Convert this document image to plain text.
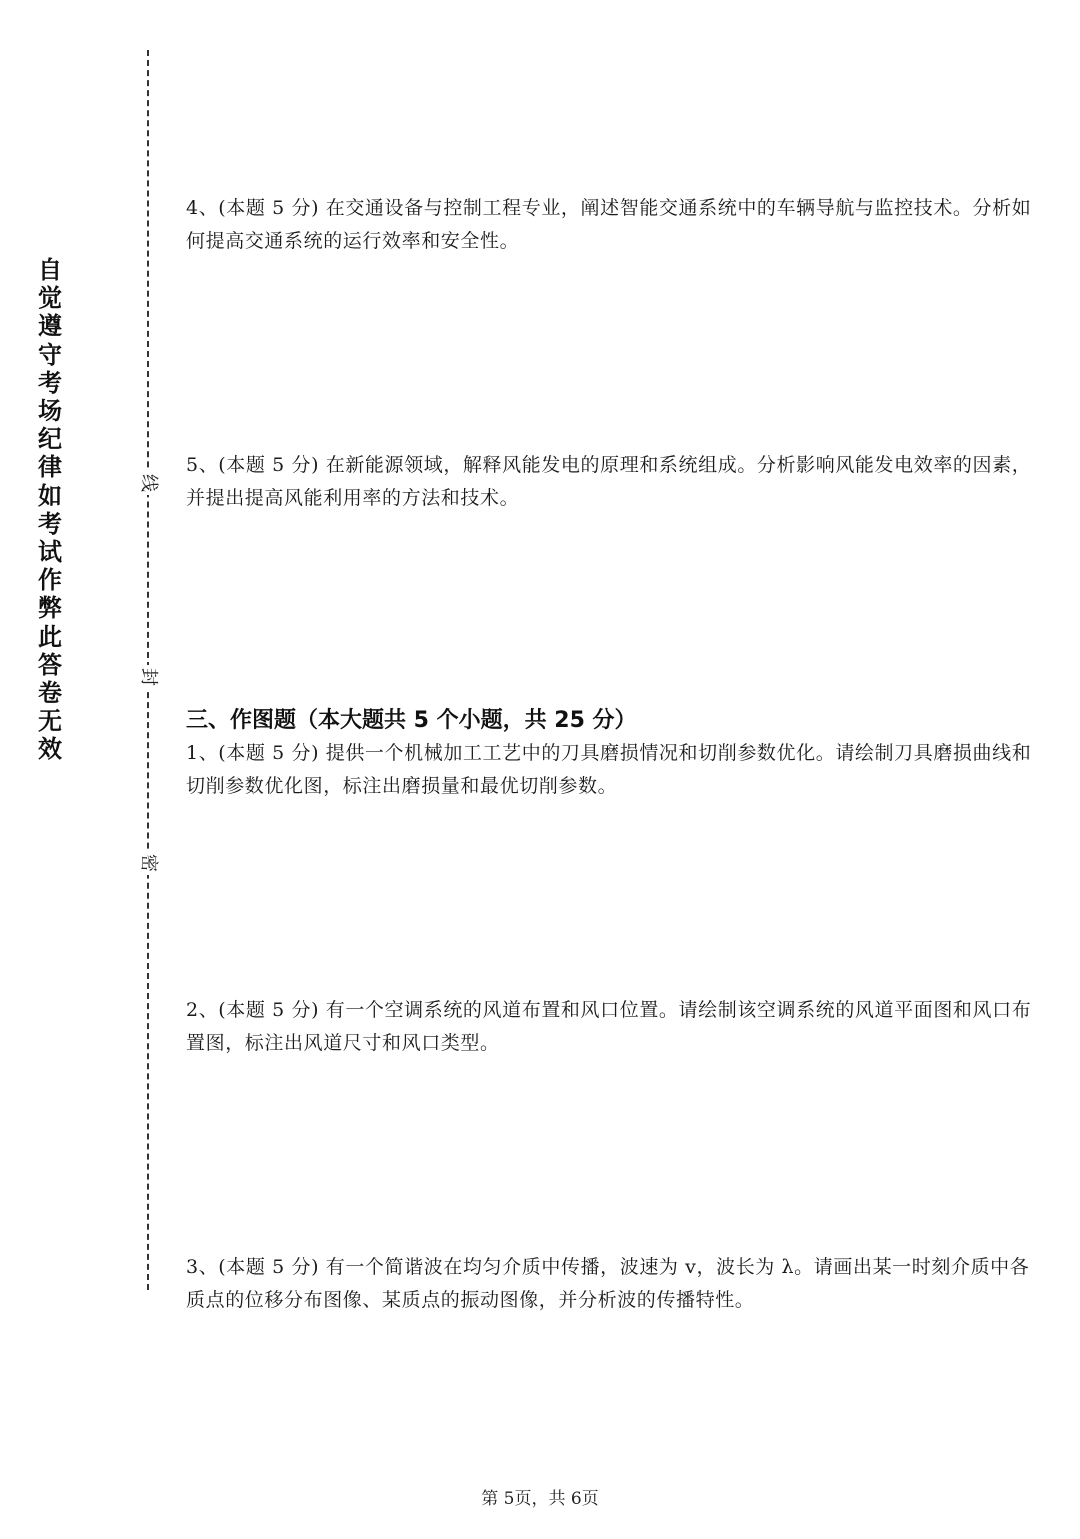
自觉遵守考场纪律如考试作弊此答卷无效
线
封
密
4、(本题 5 分) 在交通设备与控制工程专业，阐述智能交通系统中的车辆导航与监控技术。分析如何提高交通系统的运行效率和安全性。
5、(本题 5 分) 在新能源领域，解释风能发电的原理和系统组成。分析影响风能发电效率的因素，并提出提高风能利用率的方法和技术。
三、作图题（本大题共 5 个小题，共 25 分）
1、(本题 5 分) 提供一个机械加工工艺中的刀具磨损情况和切削参数优化。请绘制刀具磨损曲线和切削参数优化图，标注出磨损量和最优切削参数。
2、(本题 5 分) 有一个空调系统的风道布置和风口位置。请绘制该空调系统的风道平面图和风口布置图，标注出风道尺寸和风口类型。
3、(本题 5 分) 有一个简谐波在均匀介质中传播，波速为 v，波长为 λ。请画出某一时刻介质中各质点的位移分布图像、某质点的振动图像，并分析波的传播特性。
第 5页，共 6页
